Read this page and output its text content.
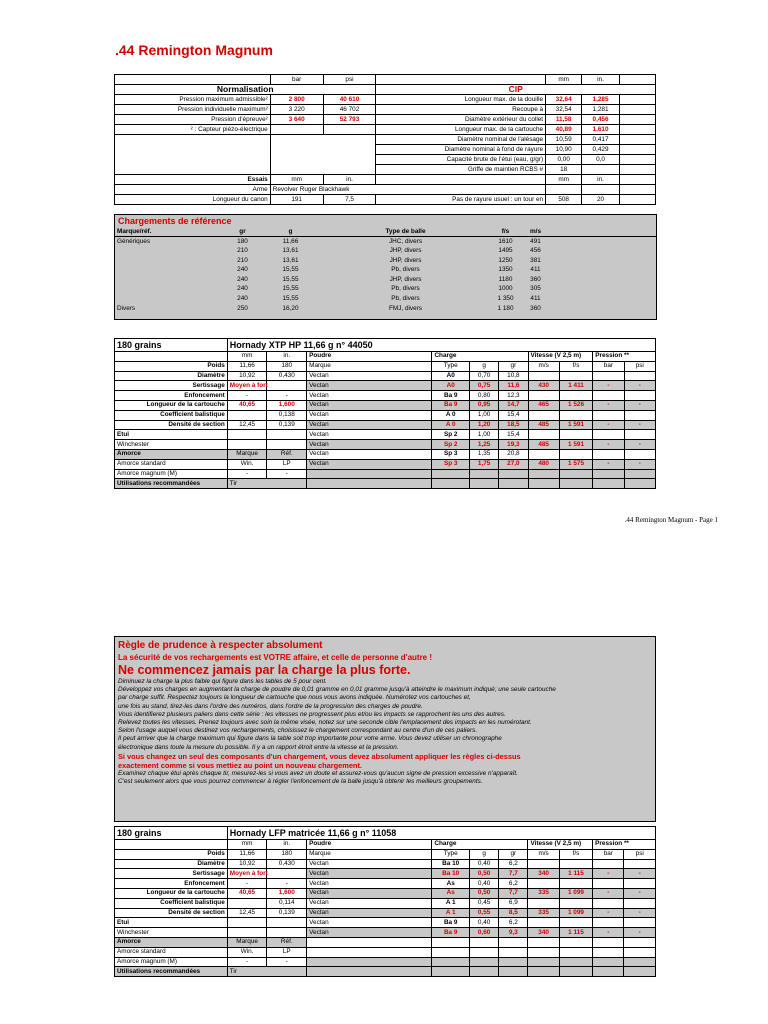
.44 Remington Magnum
	bar	psi		mm	in.	
Normalisation			CIP			
Pression maximum admissible²	2 800	40 610	Longueur max. de la douille	32,64	1,285	
Pression individuelle maximum²	3 220	46 702	Recoupe à	32,54	1,281	
Pression d'épreuve²	3 640	52 793	Diamètre extérieur du collet	11,58	0,456	
² : Capteur piézo-électrique			Longueur max. de la cartouche	40,89	1,610	
			Diamètre nominal de l'alésage	10,59	0,417	
			Diamètre nominal à fond de rayure	10,90	0,429	
			Capacité brute de l'étui (eau, g/gr)	0,00	0,0	
			Griffe de maintien RCBS #	18		
Essais	mm	in.		mm	in.	
Arme	Revolver Ruger Blackhawk					
Longueur du canon	191	7,5	Pas de rayure usuel : un tour en	508	20	
Chargements de référence						
Marque/réf.	gr	g	Type de balle	f/s	m/s	
Génériques	180	11,66	JHC, divers	1610	491	
	210	13,61	JHP, divers	1495	456	
	210	13,61	JHP, divers	1250	381	
	240	15,55	Pb, divers	1350	411	
	240	15,55	JHP, divers	1180	360	
	240	15,55	Pb, divers	1000	305	
	240	15,55	Pb, divers	1 350	411	
Divers	250	16,20	FMJ, divers	1 180	360	

180 grains	Hornady XTP HP 11,66 g n° 44050									
	mm	in.	Poudre	Charge			Vitesse (V 2,5 m)		Pression **	
Poids	11,66	180	Marque	Type	g	gr	m/s	f/s	bar	psi
Diamètre	10,92	0,430	Vectan	A0	0,70	10,8				
Sertissage	Moyen à fort		Vectan	A0	0,75	11,6	430	1 411	-	-
Enfoncement	-	-	Vectan	Ba 9	0,80	12,3				
Longueur de la cartouche	40,65	1,600	Vectan	Ba 9	0,95	14,7	465	1 526	-	-
Coefficient balistique		0,138	Vectan	A 0	1,00	15,4				
Densité de section	12,45	0,139	Vectan	A 0	1,20	18,5	485	1 591	-	-
Etui			Vectan	Sp 2	1,00	15,4				
Winchester			Vectan	Sp 2	1,25	19,3	485	1 591	-	-
Amorce	Marque	Réf.	Vectan	Sp 3	1,35	20,8				
Amorce standard	Win.	LP	Vectan	Sp 3	1,75	27,0	480	1 575	-	-
Amorce magnum (M)	-	-								
Utilisations recommandées	Tir									
.44 Remington Magnum - Page 1
Règle de prudence à respecter absolument
La sécurité de vos rechargements est VOTRE affaire, et celle de personne d'autre !
Ne commencez jamais par la charge la plus forte.
Diminuez la charge la plus faible qui figure dans les tables de 5 pour cent.
Développez vos charges en augmentant la charge de poudre de 0,01 gramme en 0,01 gramme jusqu'à atteindre le maximum indiqué; une seule cartouche
par charge suffit. Respectez toujours la longueur de cartouche que nous vous avons indiquée. Numérotez vos cartouches et,
une fois au stand, tirez-les dans l'ordre des numéros, dans l'ordre de la progression des charges de poudre.
Vous identifierez plusieurs paliers dans cette série : les vitesses ne progressent plus et/ou les impacts se rapprochent les uns des autres.
Relevez toutes les vitesses. Prenez toujours avec soin la même visée, notez sur une seconde cible l'emplacement des impacts en les numérotant.
Selon l'usage auquel vous destinez vos rechargements, choisissez le chargement correspondant au centre d'un de ces paliers.
Il peut arriver que la charge maximum qui figure dans la table soit trop importante pour votre arme. Vous devez utiliser un chronographe
électronique dans toute la mesure du possible. Il y a un rapport étroit entre la vitesse et la pression.
Si vous changez un seul des composants d'un chargement, vous devez absolument appliquer les règles ci-dessus
exactement comme si vous mettiez au point un nouveau chargement.
Examinez chaque étui après chaque tir, mesurez-les si vous avez un doute et assurez-vous qu'aucun signe de pression excessive n'apparaît.
C'est seulement alors que vous pourrez commencer à régler l'enfoncement de la balle jusqu'à obtenir les meilleurs groupements.
180 grains	Hornady LFP matricée 11,66 g n° 11058									
	mm	in.	Poudre	Charge			Vitesse (V 2,5 m)		Pression **	
Poids	11,66	180	Marque	Type	g	gr	m/s	f/s	bar	psi
Diamètre	10,92	0,430	Vectan	Ba 10	0,40	6,2				
Sertissage	Moyen à fort		Vectan	Ba 10	0,50	7,7	340	1 115	-	-
Enfoncement	-	-	Vectan	As	0,40	6,2				
Longueur de la cartouche	40,65	1,600	Vectan	As	0,50	7,7	335	1 099	-	-
Coefficient balistique		0,114	Vectan	A 1	0,45	6,9				
Densité de section	12,45	0,139	Vectan	A 1	0,55	8,5	335	1 099	-	-
Etui			Vectan	Ba 9	0,40	6,2				
Winchester			Vectan	Ba 9	0,60	9,3	340	1 115	-	-
Amorce	Marque	Réf.								
Amorce standard	Win.	LP								
Amorce magnum (M)	-	-								
Utilisations recommandées	Tir									
